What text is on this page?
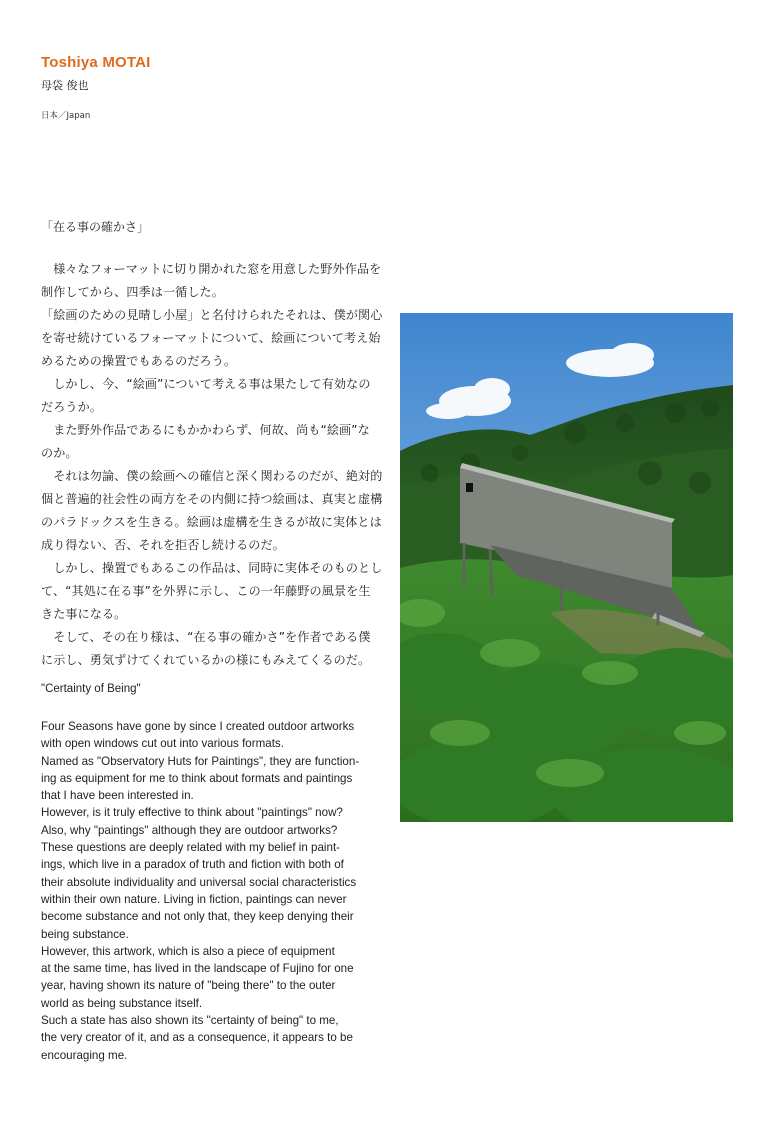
Toshiya MOTAI
母袋 俊也
日本／Japan
「在る事の確かさ」
　様々なフォーマットに切り開かれた窓を用意した野外作品を
制作してから、四季は一循した。
「絵画のための見晴し小屋」と名付けられたそれは、僕が関心
を寄せ続けているフォーマットについて、絵画について考え始
めるための操置でもあるのだろう。
　しかし、今、“絵画”について考える事は果たして有効なの
だろうか。
　また野外作品であるにもかかわらず、何故、尚も“絵画”な
のか。
　それは勿論、僕の絵画への確信と深く関わるのだが、絶対的
個と普遍的社会性の両方をその内側に持つ絵画は、真実と虚構
のパラドックスを生きる。絵画は虚構を生きるが故に実体とは
成り得ない、否、それを拒否し続けるのだ。
　しかし、操置でもあるこの作品は、同時に実体そのものとし
て、“其処に在る事”を外界に示し、この一年藤野の風景を生
きた事になる。
　そして、その在り様は、“在る事の確かさ”を作者である僕
に示し、勇気ずけてくれているかの様にもみえてくるのだ。
"Certainty of Being"
Four Seasons have gone by since I created outdoor artworks
with open windows cut out into various formats.
Named as "Observatory Huts for Paintings", they are function-
ing as equipment for me to think about formats and paintings
that I have been interested in.
However, is it truly effective to think about "paintings" now?
Also, why "paintings" although they are outdoor artworks?
These questions are deeply related with my belief in paint-
ings, which live in a paradox of truth and fiction with both of
their absolute individuality and universal social characteristics
within their own nature. Living in fiction, paintings can never
become substance and not only that, they keep denying their
being substance.
However, this artwork, which is also a piece of equipment
at the same time, has lived in the landscape of Fujino for one
year, having shown its nature of "being there" to the outer
world as being substance itself.
Such a state has also shown its "certainty of being" to me,
the very creator of it, and as a consequence, it appears to be
encouraging me.
